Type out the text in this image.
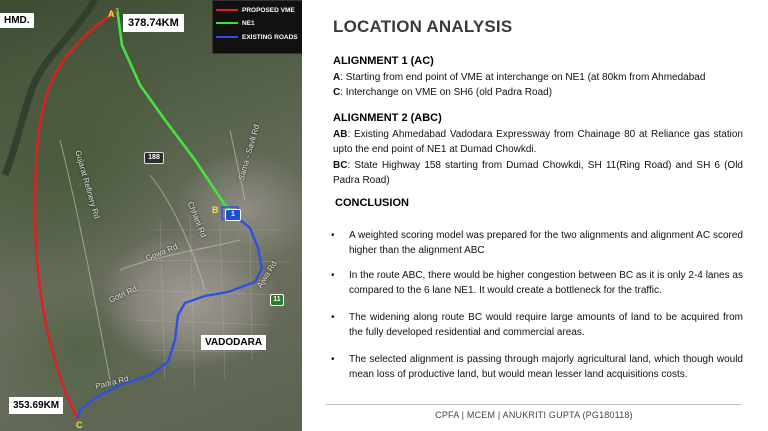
HMD.	378.74KM
353.69KM
VADODARA
A
B
C
188
1
11
Gujarat Refinery Rd	Sama - Savli Rd
Chhani Rd
Ajwa Rd
Gotri Rd
Padra Rd
Gowa Rd
PROPOSED VME
NE1
EXISTING ROADS
LOCATION ANALYSIS
ALIGNMENT 1 (AC)
A: Starting from end point of VME at interchange on NE1 (at 80km from Ahmedabad
C: Interchange on VME on SH6 (old Padra Road)
ALIGNMENT 2 (ABC)
AB: Existing Ahmedabad Vadodara Expressway from Chainage 80 at Reliance gas station upto the end point of NE1 at Dumad Chowkdi.
BC: State Highway 158 starting from Dumad Chowkdi, SH 11(Ring Road) and SH 6 (Old Padra Road)
CONCLUSION
•	A weighted scoring model was prepared for the two alignments and alignment AC scored higher than the alignment ABC
•	In the route ABC, there would be higher congestion between BC as it is only 2-4 lanes as compared to the 6 lane NE1. It would create a bottleneck for the traffic.
•	The widening along route BC would require large amounts of land to be acquired from the fully developed residential and commercial areas.
•	The selected alignment is passing through majorly agricultural land, which though would mean loss of productive land, but would mean lesser land acquisitions costs.
CPFA | MCEM | ANUKRITI GUPTA (PG180118)
